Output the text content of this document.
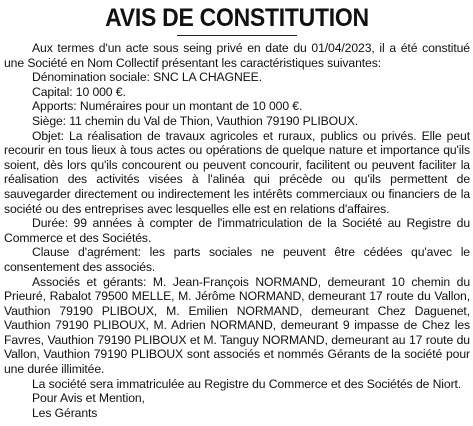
AVIS DE CONSTITUTION

Aux termes d'un acte sous seing privé en date du 01/04/2023, il a été constitué une Société en Nom Collectif présentant les caractéristiques suivantes:

Dénomination sociale: SNC LA CHAGNEE.

Capital: 10 000 €.

Apports: Numéraires pour un montant de 10 000 €.

Siège: 11 chemin du Val de Thion, Vauthion 79190 PLIBOUX.

Objet: La réalisation de travaux agricoles et ruraux, publics ou privés. Elle peut recourir en tous lieux à tous actes ou opérations de quelque nature et importance qu'ils soient, dès lors qu'ils concourent ou peuvent concourir, facilitent ou peuvent faciliter la réalisation des activités visées à l'alinéa qui précède ou qu'ils permettent de sauvegarder directement ou indirectement les intérêts commerciaux ou financiers de la société ou des entreprises avec lesquelles elle est en relations d'affaires.

Durée: 99 années à compter de l'immatriculation de la Société au Registre du Commerce et des Sociétés.

Clause d'agrément: les parts sociales ne peuvent être cédées qu'avec le consentement des associés.

Associés et gérants: M. Jean-François NORMAND, demeurant 10 chemin du Prieuré, Rabalot 79500 MELLE, M. Jérôme NORMAND, demeurant 17 route du Vallon, Vauthion 79190 PLIBOUX, M. Emilien NORMAND, demeurant Chez Daguenet, Vauthion 79190 PLIBOUX, M. Adrien NORMAND, demeurant 9 impasse de Chez les Favres, Vauthion 79190 PLIBOUX et M. Tanguy NORMAND, demeurant au 17 route du Vallon, Vauthion 79190 PLIBOUX sont associés et nommés Gérants de la société pour une durée illimitée.

La société sera immatriculée au Registre du Commerce et des Sociétés de Niort.

Pour Avis et Mention,

Les Gérants
